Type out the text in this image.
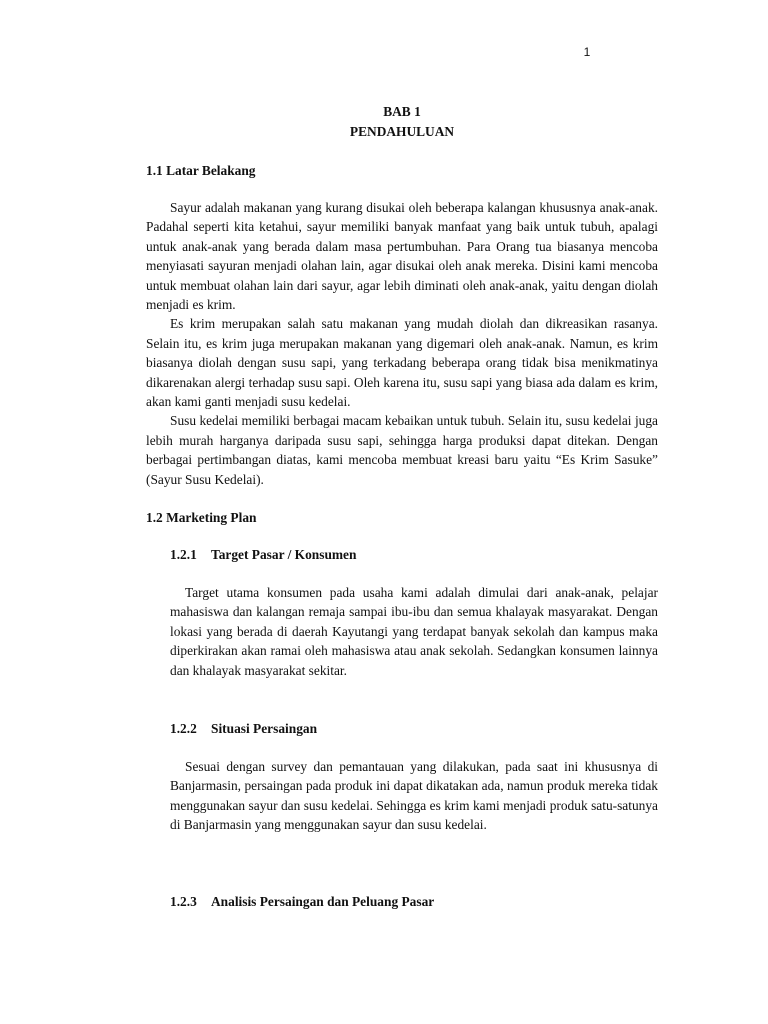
1
BAB 1
PENDAHULUAN
1.1 Latar Belakang

Sayur adalah makanan yang kurang disukai oleh beberapa kalangan khususnya anak-anak. Padahal seperti kita ketahui, sayur memiliki banyak manfaat yang baik untuk tubuh, apalagi untuk anak-anak yang berada dalam masa pertumbuhan. Para Orang tua biasanya mencoba menyiasati sayuran menjadi olahan lain, agar disukai oleh anak mereka. Disini kami mencoba untuk membuat olahan lain dari sayur, agar lebih diminati oleh anak-anak, yaitu dengan diolah menjadi es krim.

Es krim merupakan salah satu makanan yang mudah diolah dan dikreasikan rasanya. Selain itu, es krim juga merupakan makanan yang digemari oleh anak-anak. Namun, es krim biasanya diolah dengan susu sapi, yang terkadang beberapa orang tidak bisa menikmatinya dikarenakan alergi terhadap susu sapi. Oleh karena itu, susu sapi yang biasa ada dalam es krim, akan kami ganti menjadi susu kedelai.

Susu kedelai memiliki berbagai macam kebaikan untuk tubuh. Selain itu, susu kedelai juga lebih murah harganya daripada susu sapi, sehingga harga produksi dapat ditekan. Dengan berbagai pertimbangan diatas, kami mencoba membuat kreasi baru yaitu “Es Krim Sasuke” (Sayur Susu Kedelai).

1.2 Marketing Plan
1.2.1 Target Pasar / Konsumen

Target utama konsumen pada usaha kami adalah dimulai dari anak-anak, pelajar mahasiswa dan kalangan remaja sampai ibu-ibu dan semua khalayak masyarakat. Dengan lokasi yang berada di daerah Kayutangi yang terdapat banyak sekolah dan kampus maka diperkirakan akan ramai oleh mahasiswa atau anak sekolah. Sedangkan konsumen lainnya dan khalayak masyarakat sekitar.

1.2.2 Situasi Persaingan

Sesuai dengan survey dan pemantauan yang dilakukan, pada saat ini khususnya di Banjarmasin, persaingan pada produk ini dapat dikatakan ada, namun produk mereka tidak menggunakan sayur dan susu kedelai. Sehingga es krim kami menjadi produk satu-satunya di Banjarmasin yang menggunakan sayur dan susu kedelai.

1.2.3 Analisis Persaingan dan Peluang Pasar
